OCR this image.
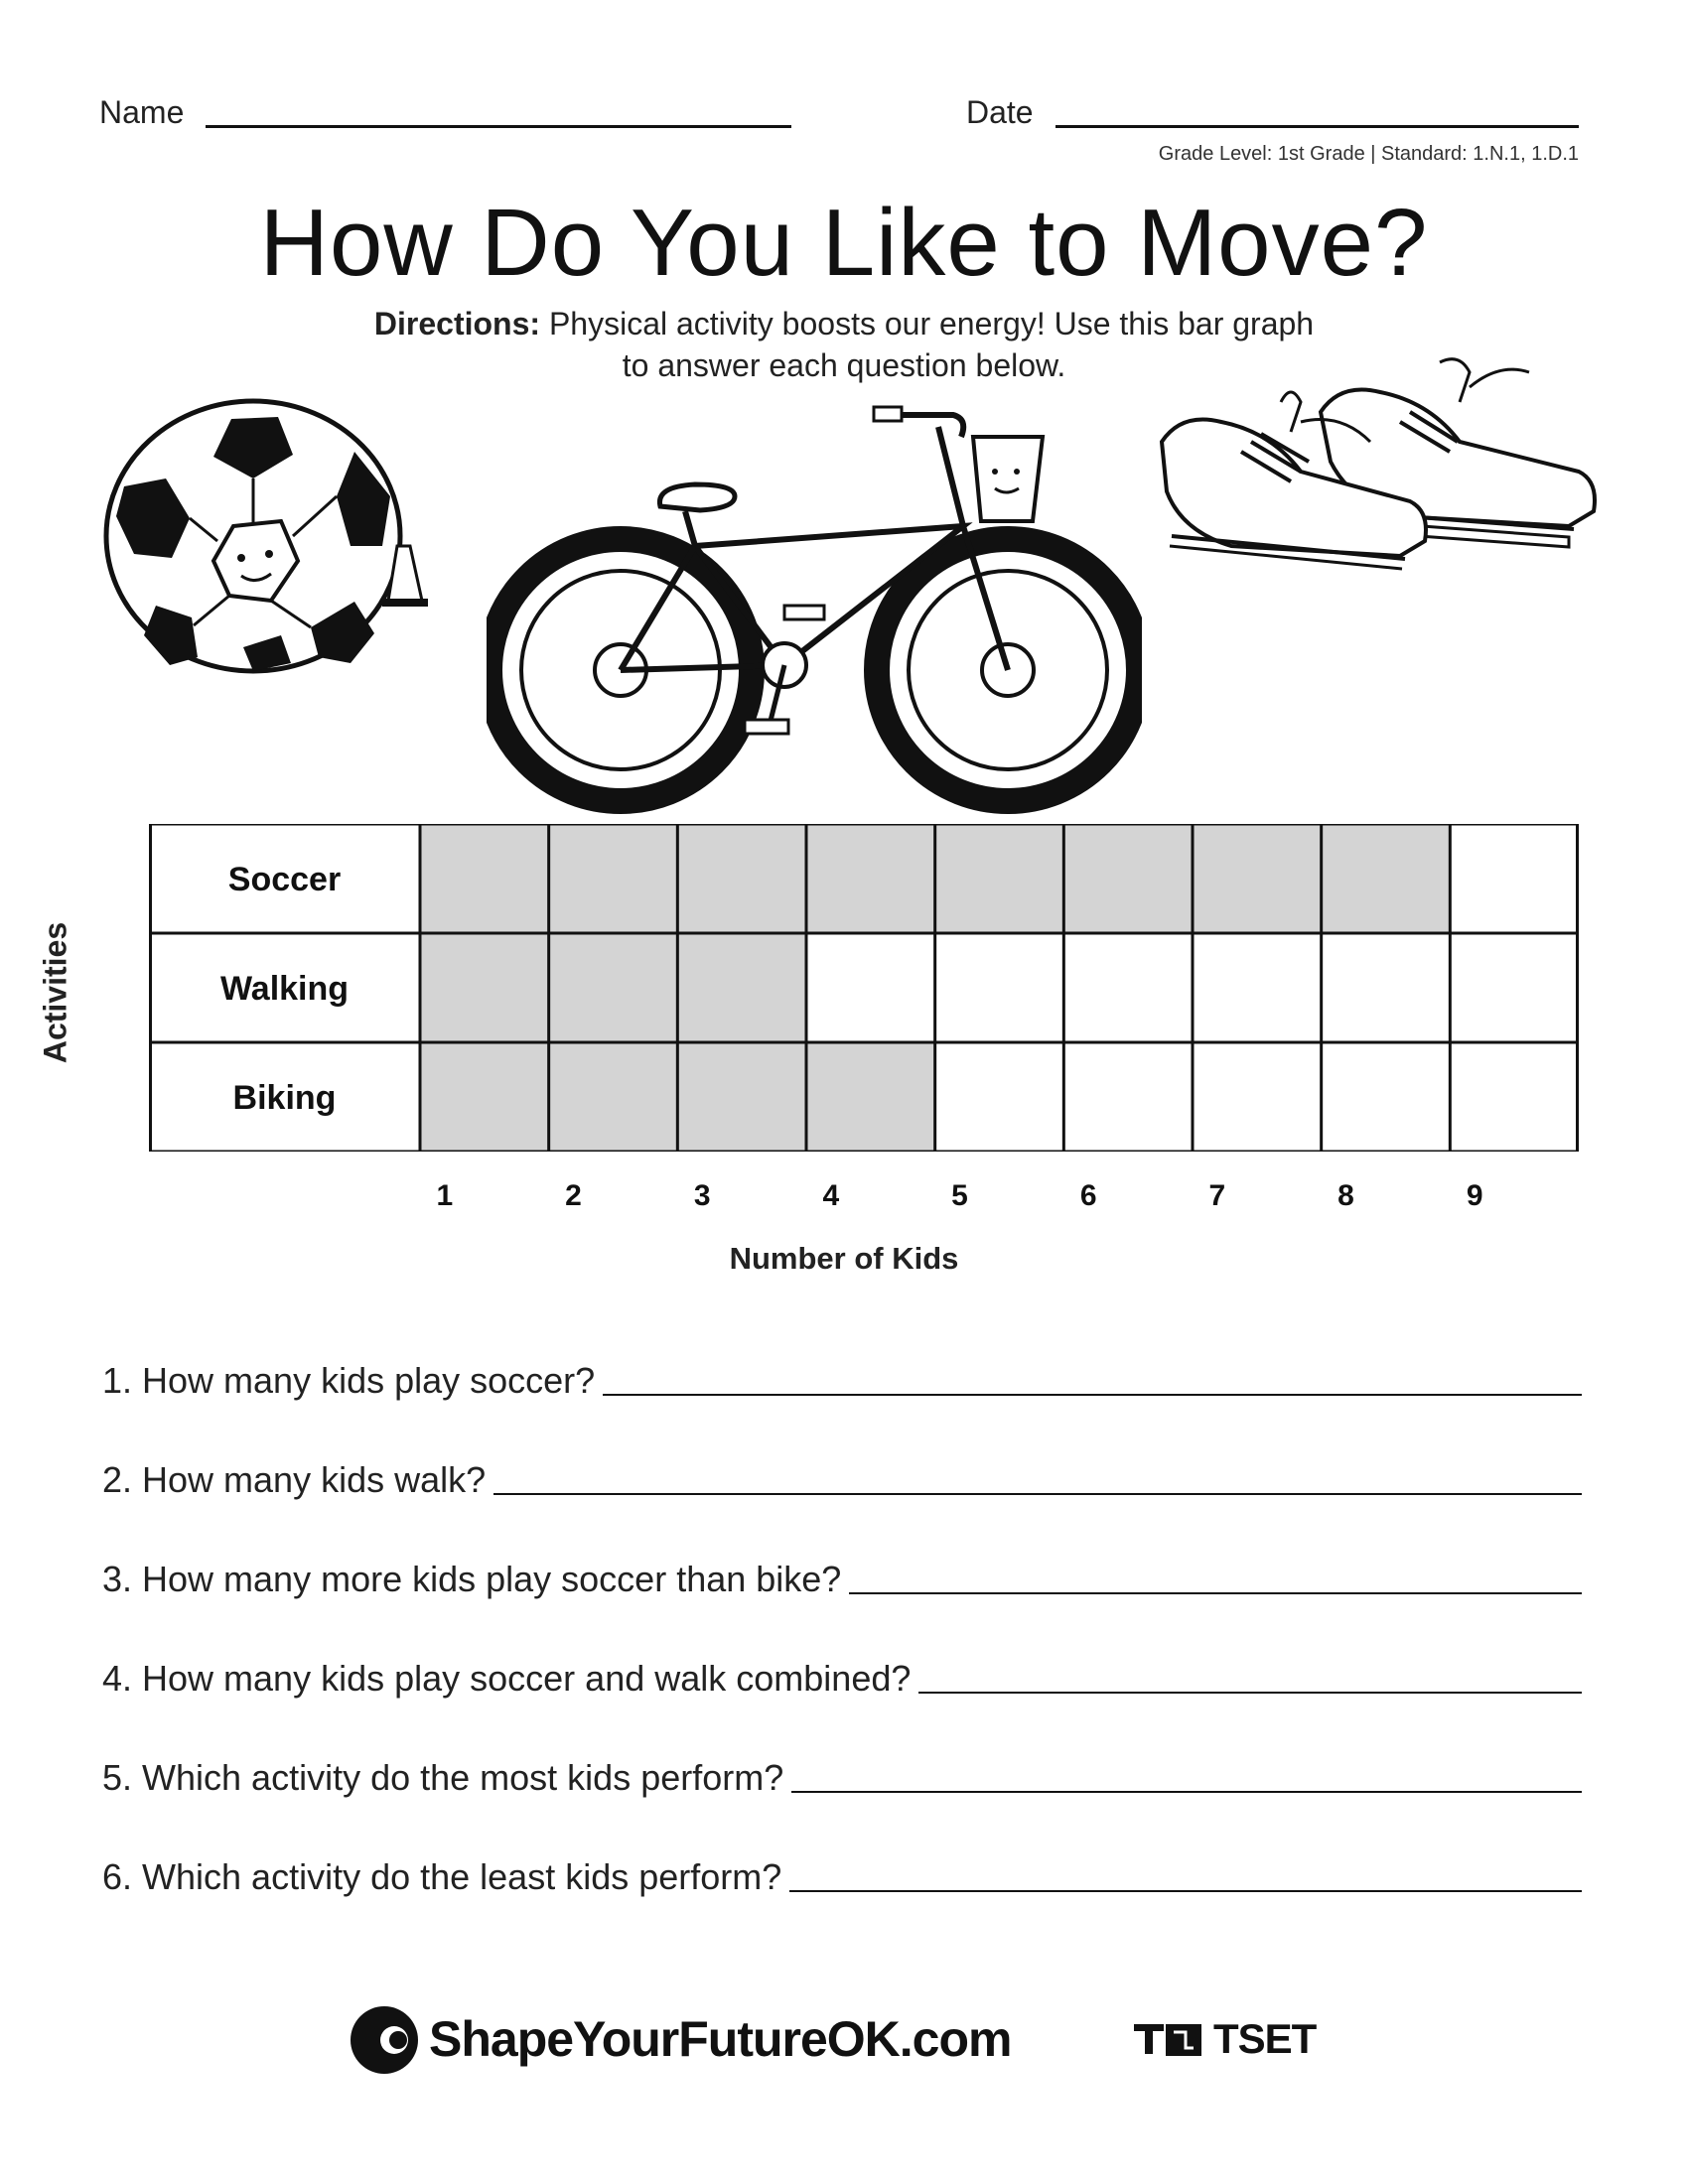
Name	Date
Grade Level: 1st Grade | Standard: 1.N.1, 1.D.1
How Do You Like to Move?
Directions: Physical activity boosts our energy! Use this bar graph
to answer each question below.
Activities
Soccer
Walking
Biking
1	2	3	4	5	6	7	8	9
Number of Kids
1. How many kids play soccer?
2. How many kids walk?
3. How many more kids play soccer than bike?
4. How many kids play soccer and walk combined?
5. Which activity do the most kids perform?
6. Which activity do the least kids perform?
ShapeYourFutureOK.com	TSET
